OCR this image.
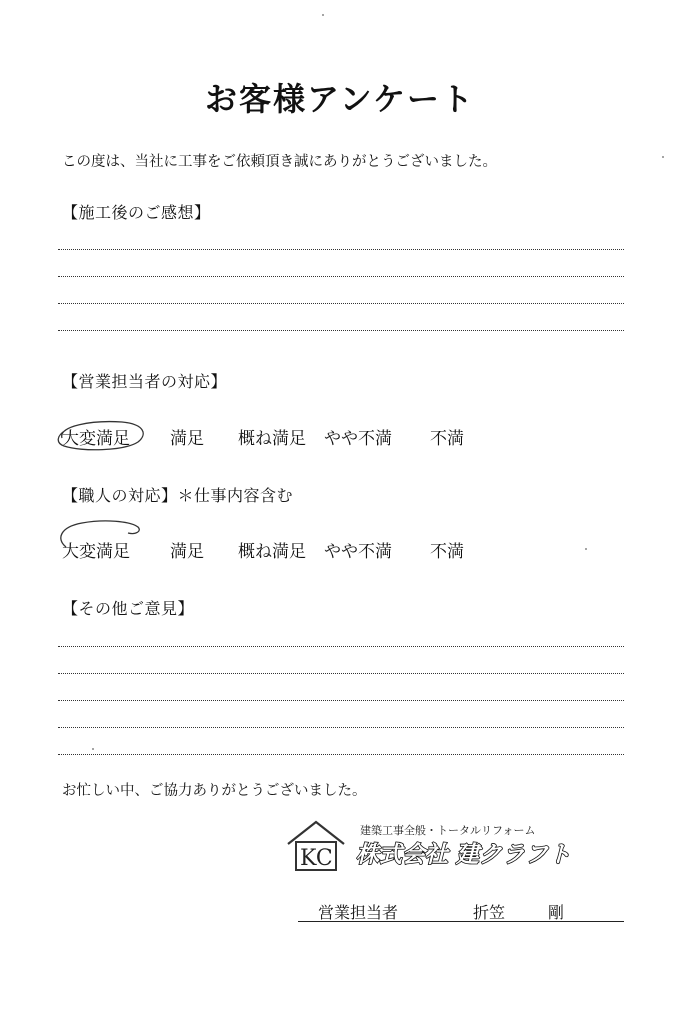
お客様アンケート
この度は、当社に工事をご依頼頂き誠にありがとうございました。
【施工後のご感想】
【営業担当者の対応】
大変満足 満足 概ね満足 やや不満 不満
【職人の対応】＊仕事内容含む
大変満足 満足 概ね満足 やや不満 不満
【その他ご意見】
お忙しい中、ご協力ありがとうございました。
KC
建築工事全般・トータルリフォーム
株式会社 建クラフト
営業担当者	折笠	剛
